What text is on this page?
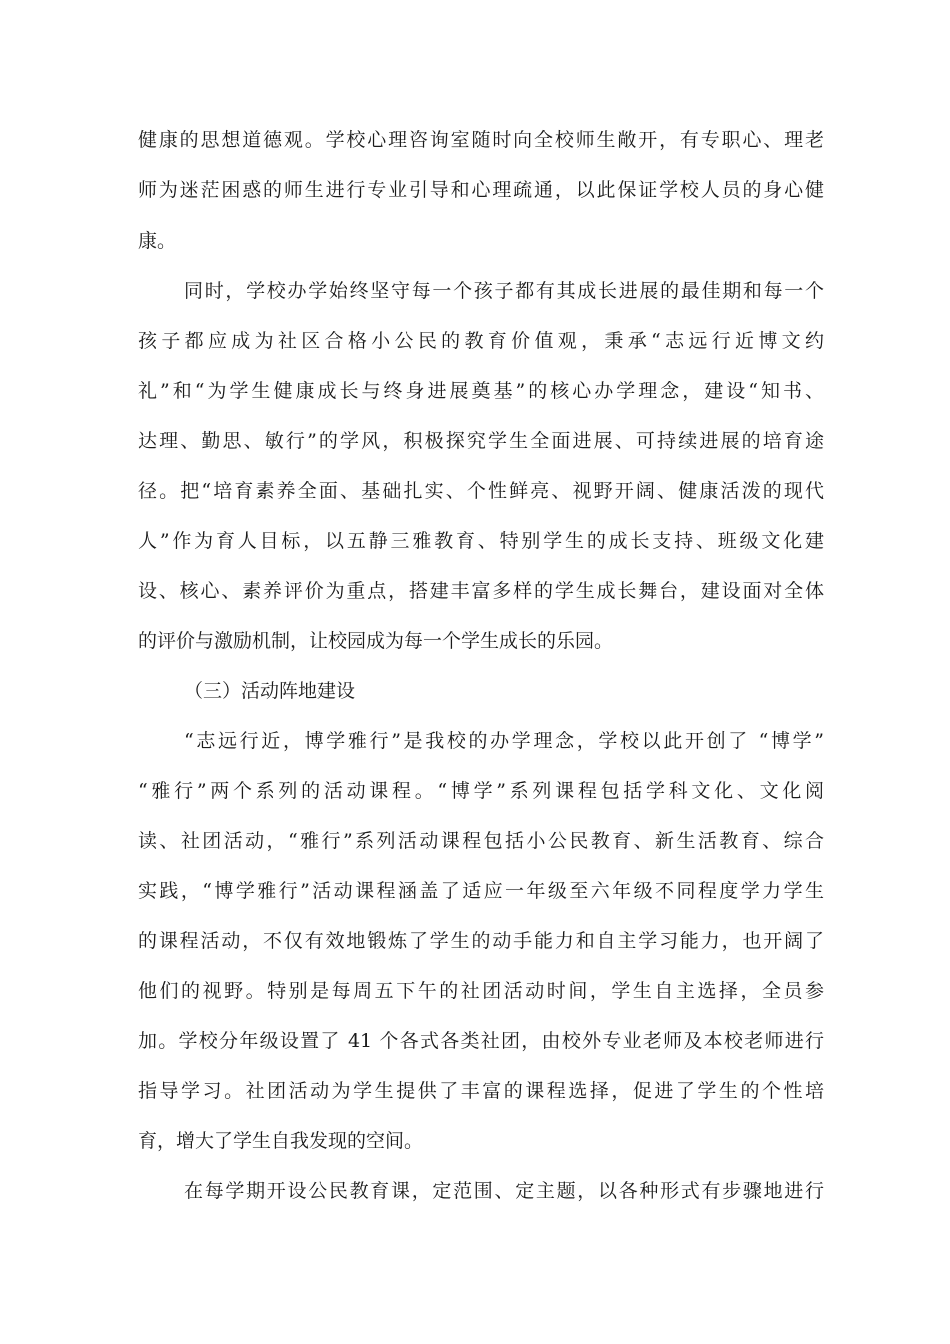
健康的思想道德观。学校心理咨询室随时向全校师生敞开，有专职心、理老
师为迷茫困惑的师生进行专业引导和心理疏通，以此保证学校人员的身心健
康。
同时，学校办学始终坚守每一个孩子都有其成长进展的最佳期和每一个
孩子都应成为社区合格小公民的教育价值观，秉承“志远行近博文约
礼”和“为学生健康成长与终身进展奠基”的核心办学理念，建设“知书、
达理、勤思、敏行”的学风，积极探究学生全面进展、可持续进展的培育途
径。把“培育素养全面、基础扎实、个性鲜亮、视野开阔、健康活泼的现代
人”作为育人目标，以五静三雅教育、特别学生的成长支持、班级文化建
设、核心、素养评价为重点，搭建丰富多样的学生成长舞台，建设面对全体
的评价与激励机制，让校园成为每一个学生成长的乐园。
（三）活动阵地建设
“志远行近，博学雅行”是我校的办学理念，学校以此开创了 “博学”
“雅行”两个系列的活动课程。“博学”系列课程包括学科文化、文化阅
读、社团活动，“雅行”系列活动课程包括小公民教育、新生活教育、综合
实践，“博学雅行”活动课程涵盖了适应一年级至六年级不同程度学力学生
的课程活动，不仅有效地锻炼了学生的动手能力和自主学习能力，也开阔了
他们的视野。特别是每周五下午的社团活动时间，学生自主选择，全员参
加。学校分年级设置了 41 个各式各类社团，由校外专业老师及本校老师进行
指导学习。社团活动为学生提供了丰富的课程选择，促进了学生的个性培
育，增大了学生自我发现的空间。
在每学期开设公民教育课，定范围、定主题，以各种形式有步骤地进行
